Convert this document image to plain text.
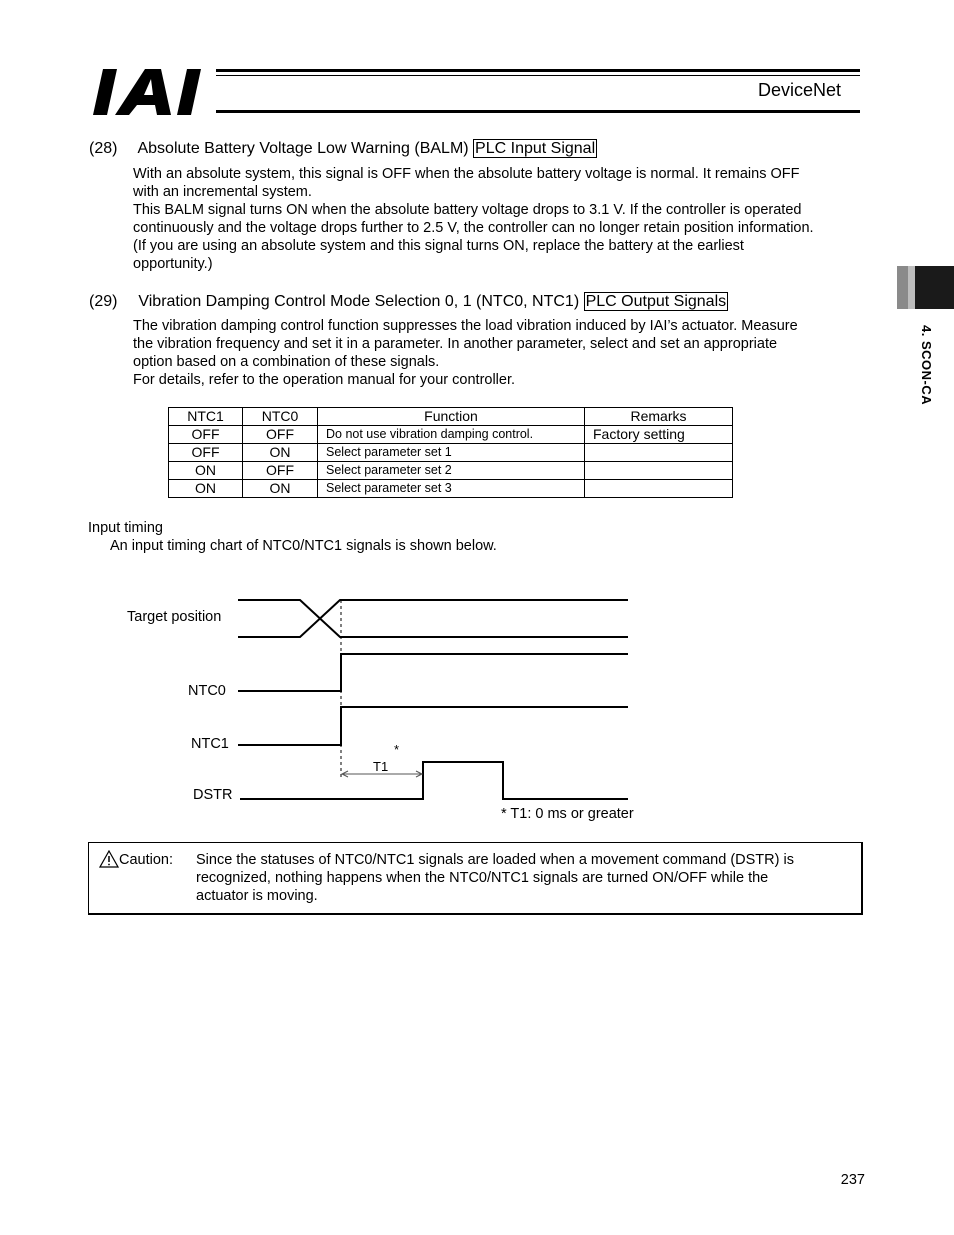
DeviceNet
4. SCON-CA
(28) Absolute Battery Voltage Low Warning (BALM) PLC Input Signal
With an absolute system, this signal is OFF when the absolute battery voltage is normal. It remains OFF
with an incremental system.
This BALM signal turns ON when the absolute battery voltage drops to 3.1 V. If the controller is operated
continuously and the voltage drops further to 2.5 V, the controller can no longer retain position information.
(If you are using an absolute system and this signal turns ON, replace the battery at the earliest
opportunity.)
(29) Vibration Damping Control Mode Selection 0, 1 (NTC0, NTC1) PLC Output Signals
The vibration damping control function suppresses the load vibration induced by IAI’s actuator. Measure
the vibration frequency and set it in a parameter. In another parameter, select and set an appropriate
option based on a combination of these signals.
For details, refer to the operation manual for your controller.
NTC1	NTC0	Function	Remarks
OFF	OFF	Do not use vibration damping control.	Factory setting
OFF	ON	Select parameter set 1	
ON	OFF	Select parameter set 2	
ON	ON	Select parameter set 3	
Input timing
An input timing chart of NTC0/NTC1 signals is shown below.
Target position
NTC0
NTC1
DSTR
T1
*
* T1: 0 ms or greater
Caution: Since the statuses of NTC0/NTC1 signals are loaded when a movement command (DSTR) is
recognized, nothing happens when the NTC0/NTC1 signals are turned ON/OFF while the
actuator is moving.
237
